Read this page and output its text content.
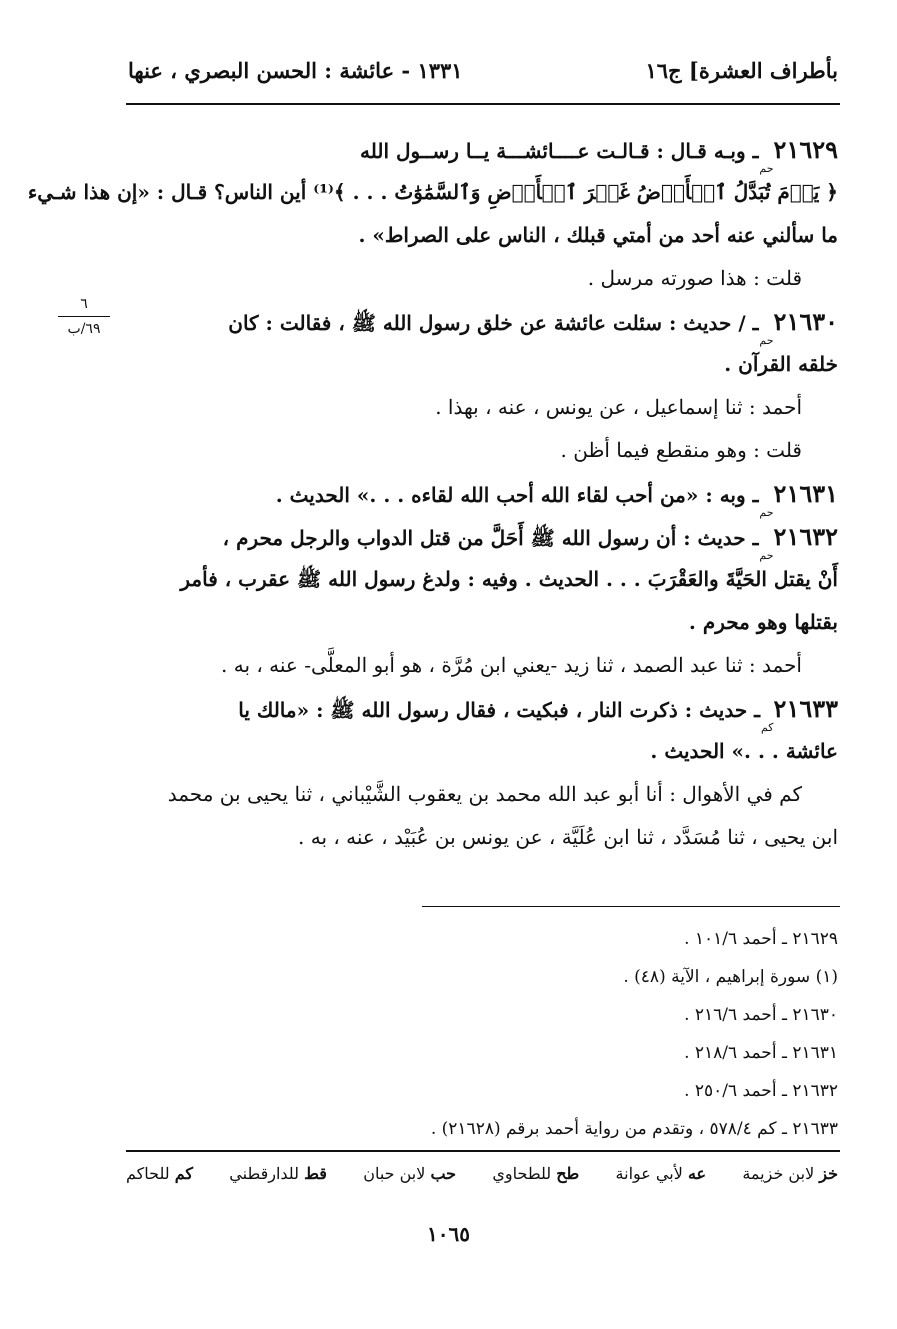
بأطراف العشرة] ج١٦
١٣٣١ - عائشة : الحسن البصري ، عنها
٦
٦٩/ب
$٢١٦٢٩_{حم}$ ـ وبـه قـال : قـالـت عــــائشـــة يــا رســول الله
﴿ يَوۡمَ تُبَدَّلُ ٱلۡأَرۡضُ غَيۡرَ ٱلۡأَرۡضِ وَٱلسَّمَٰوَٰتُ . . . ﴾⁽¹⁾ أين الناس؟ قـال : «إن هذا شـيء
ما سألني عنه أحد من أمتي قبلك ، الناس على الصراط» .
قلت : هذا صورته مرسل .
$٢١٦٣٠_{حم}$ ـ / حديث : سئلت عائشة عن خلق رسول الله ﷺ ، فقالت : كان
خلقه القرآن .
أحمد : ثنا إسماعيل ، عن يونس ، عنه ، بهذا .
قلت : وهو منقطع فيما أظن .
$٢١٦٣١_{حم}$ ـ وبه : «من أحب لقاء الله أحب الله لقاءه . . .» الحديث .
$٢١٦٣٢_{حم}$ ـ حديث : أن رسول الله ﷺ أَحَلَّ من قتل الدواب والرجل محرم ،
أَنْ يقتل الحَيَّةَ والعَقْرَبَ . . . الحديث . وفيه : ولدغ رسول الله ﷺ عقرب ، فأمر
بقتلها وهو محرم .
أحمد : ثنا عبد الصمد ، ثنا زيد -يعني ابن مُرَّة ، هو أبو المعلَّى- عنه ، به .
$٢١٦٣٣_{كم}$ ـ حديث : ذكرت النار ، فبكيت ، فقال رسول الله ﷺ : «مالك يا
عائشة . . .» الحديث .
كم في الأهوال : أنا أبو عبد الله محمد بن يعقوب الشَّيْباني ، ثنا يحيى بن محمد
ابن يحيى ، ثنا مُسَدَّد ، ثنا ابن عُلَيَّة ، عن يونس بن عُبَيْد ، عنه ، به .
٢١٦٢٩ ـ أحمد ١٠١/٦ .
(١) سورة إبراهيم ، الآية (٤٨) .
٢١٦٣٠ ـ أحمد ٢١٦/٦ .
٢١٦٣١ ـ أحمد ٢١٨/٦ .
٢١٦٣٢ ـ أحمد ٢٥٠/٦ .
٢١٦٣٣ ـ كم ٥٧٨/٤ ، وتقدم من رواية أحمد برقم (٢١٦٢٨) .
خز لابن خزيمة
عه لأبي عوانة
طح للطحاوي
حب لابن حبان
قط للدارقطني
كم للحاكم
١٠٦٥
